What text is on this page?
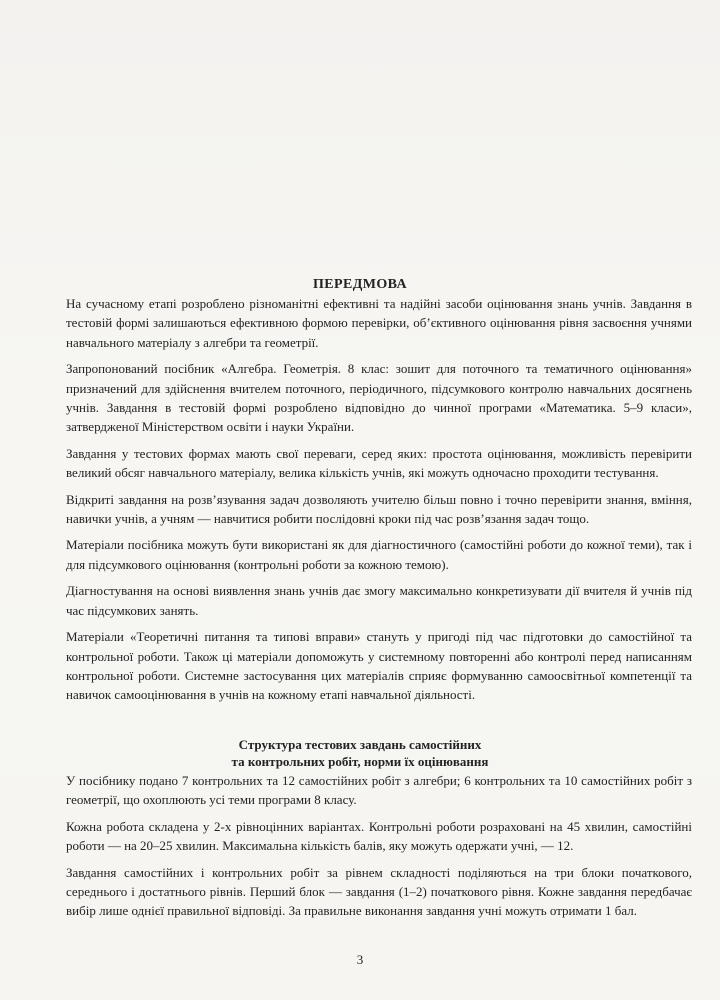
ПЕРЕДМОВА

На сучасному етапі розроблено різноманітні ефективні та надійні засоби оцінювання знань учнів. Завдання в тестовій формі залишаються ефективною формою перевірки, об’єктивного оцінювання рівня засвоєння учнями навчального матеріалу з алгебри та геометрії.

Запропонований посібник «Алгебра. Геометрія. 8 клас: зошит для поточного та тематичного оцінювання» призначений для здійснення вчителем поточного, періодичного, підсумкового контролю навчальних досягнень учнів. Завдання в тестовій формі розроблено відповідно до чинної програми «Математика. 5–9 класи», затвердженої Міністерством освіти і науки України.

Завдання у тестових формах мають свої переваги, серед яких: простота оцінювання, можливість перевірити великий обсяг навчального матеріалу, велика кількість учнів, які можуть одночасно проходити тестування.

Відкриті завдання на розв’язування задач дозволяють учителю більш повно і точно перевірити знання, вміння, навички учнів, а учням — навчитися робити послідовні кроки під час розв’язання задач тощо.

Матеріали посібника можуть бути використані як для діагностичного (самостійні роботи до кожної теми), так і для підсумкового оцінювання (контрольні роботи за кожною темою).

Діагностування на основі виявлення знань учнів дає змогу максимально конкретизувати дії вчителя й учнів під час підсумкових занять.

Матеріали «Теоретичні питання та типові вправи» стануть у пригоді під час підготовки до самостійної та контрольної роботи. Також ці матеріали допоможуть у системному повторенні або контролі перед написанням контрольної роботи. Системне застосування цих матеріалів сприяє формуванню самоосвітньої компетенції та навичок самооцінювання в учнів на кожному етапі навчальної діяльності.

Структура тестових завдань самостійних
та контрольних робіт, норми їх оцінювання

У посібнику подано 7 контрольних та 12 самостійних робіт з алгебри; 6 контрольних та 10 самостійних робіт з геометрії, що охоплюють усі теми програми 8 класу.

Кожна робота складена у 2-х рівноцінних варіантах. Контрольні роботи розраховані на 45 хвилин, самостійні роботи — на 20–25 хвилин. Максимальна кількість балів, яку можуть одержати учні, — 12.

Завдання самостійних і контрольних робіт за рівнем складності поділяються на три блоки початкового, середнього і достатнього рівнів. Перший блок — завдання (1–2) початкового рівня. Кожне завдання передбачає вибір лише однієї правильної відповіді. За правильне виконання завдання учні можуть отримати 1 бал.

3
